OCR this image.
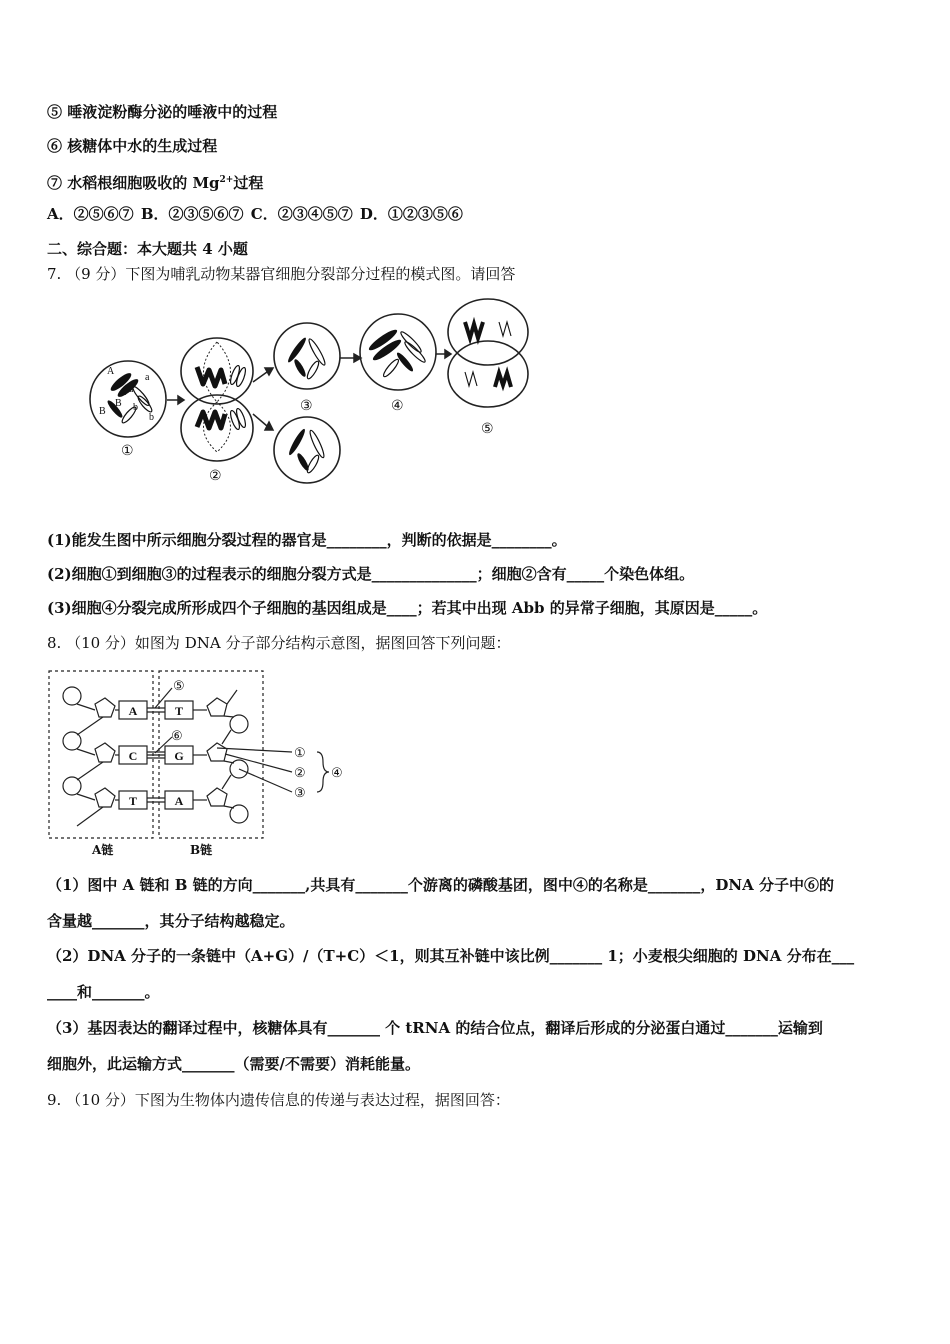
⑤ 唾液淀粉酶分泌的唾液中的过程
⑥ 核糖体中水的生成过程
⑦ 水稻根细胞吸收的 $Mg^{2+}$过程
A．②⑤⑥⑦ B．②③⑤⑥⑦ C．②③④⑤⑦ D．①②③⑤⑥
二、综合题：本大题共 4 小题
7. （9 分）下图为哺乳动物某器官细胞分裂部分过程的模式图。请回答
A
A
a
a
B
B b
b
①
②
③	④
⑤
(1)能发生图中所示细胞分裂过程的器官是________，判断的依据是________。
(2)细胞①到细胞③的过程表示的细胞分裂方式是______________；细胞②含有_____个染色体组。
(3)细胞④分裂完成所形成四个子细胞的基因组成是____；若其中出现 Abb 的异常子细胞，其原因是_____。
8. （10 分）如图为 DNA 分子部分结构示意图，据图回答下列问题：
A
C
T
T
G
A
⑤
⑥
①
②
③
④
A链	B链
（1）图中 A 链和 B 链的方向_______,共具有_______个游离的磷酸基团，图中④的名称是_______，DNA 分子中⑥的
含量越_______，其分子结构越稳定。
（2）DNA 分子的一条链中（A+G）/（T+C）＜1，则其互补链中该比例_______ 1；小麦根尖细胞的 DNA 分布在___
____和_______。
（3）基因表达的翻译过程中，核糖体具有_______ 个 tRNA 的结合位点，翻译后形成的分泌蛋白通过_______运输到
细胞外，此运输方式_______（需要/不需要）消耗能量。
9. （10 分）下图为生物体内遗传信息的传递与表达过程，据图回答：
